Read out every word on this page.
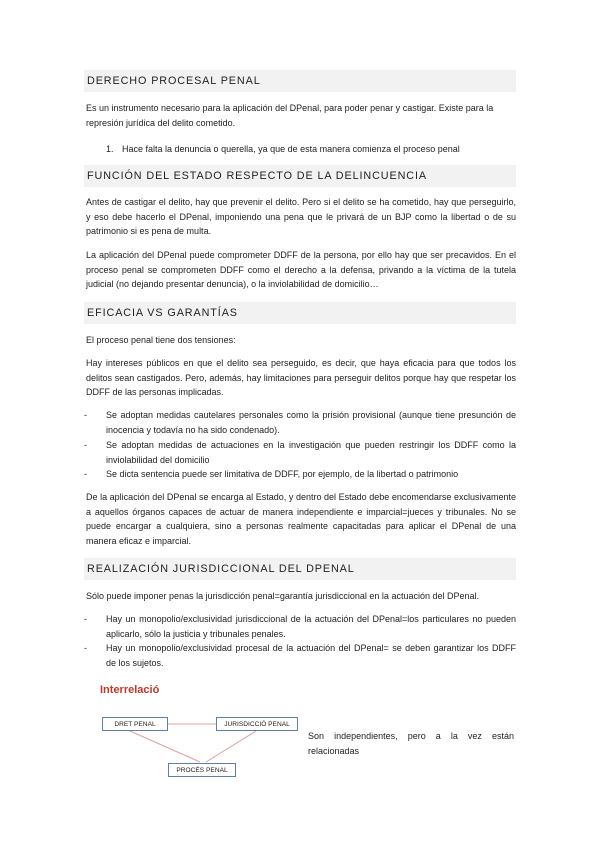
DERECHO PROCESAL PENAL
Es un instrumento necesario para la aplicación del DPenal, para poder penar y castigar. Existe para la represión jurídica del delito cometido.
1. Hace falta la denuncia o querella, ya que de esta manera comienza el proceso penal
FUNCIÓN DEL ESTADO RESPECTO DE LA DELINCUENCIA
Antes de castigar el delito, hay que prevenir el delito. Pero si el delito se ha cometido, hay que perseguirlo, y eso debe hacerlo el DPenal, imponiendo una pena que le privará de un BJP como la libertad o de su patrimonio si es pena de multa.
La aplicación del DPenal puede comprometer DDFF de la persona, por ello hay que ser precavidos. En el proceso penal se comprometen DDFF como el derecho a la defensa, privando a la víctima de la tutela judicial (no dejando presentar denuncia), o la inviolabilidad de domicilio…
EFICACIA VS GARANTÍAS
El proceso penal tiene dos tensiones:
Hay intereses públicos en que el delito sea perseguido, es decir, que haya eficacia para que todos los delitos sean castigados. Pero, además, hay limitaciones para perseguir delitos porque hay que respetar los DDFF de las personas implicadas.
-	Se adoptan medidas cautelares personales como la prisión provisional (aunque tiene presunción de inocencia y todavía no ha sido condenado).
-	Se adoptan medidas de actuaciones en la investigación que pueden restringir los DDFF como la inviolabilidad del domicilio
-	Se dicta sentencia puede ser limitativa de DDFF, por ejemplo, de la libertad o patrimonio
De la aplicación del DPenal se encarga al Estado, y dentro del Estado debe encomendarse exclusivamente a aquellos órganos capaces de actuar de manera independiente e imparcial=jueces y tribunales. No se puede encargar a cualquiera, sino a personas realmente capacitadas para aplicar el DPenal de una manera eficaz e imparcial.
REALIZACIÓN JURISDICCIONAL DEL DPENAL
Sólo puede imponer penas la jurisdicción penal=garantía jurisdiccional en la actuación del DPenal.
-	Hay un monopolio/exclusividad jurisdiccional de la actuación del DPenal=los particulares no pueden aplicarlo, sólo la justicia y tribunales penales.
-	Hay un monopolio/exclusividad procesal de la actuación del DPenal= se deben garantizar los DDFF de los sujetos.
Interrelació
DRET PENAL	JURISDICCIÓ PENAL
PROCÉS PENAL
Son independientes, pero a la vez están relacionadas
